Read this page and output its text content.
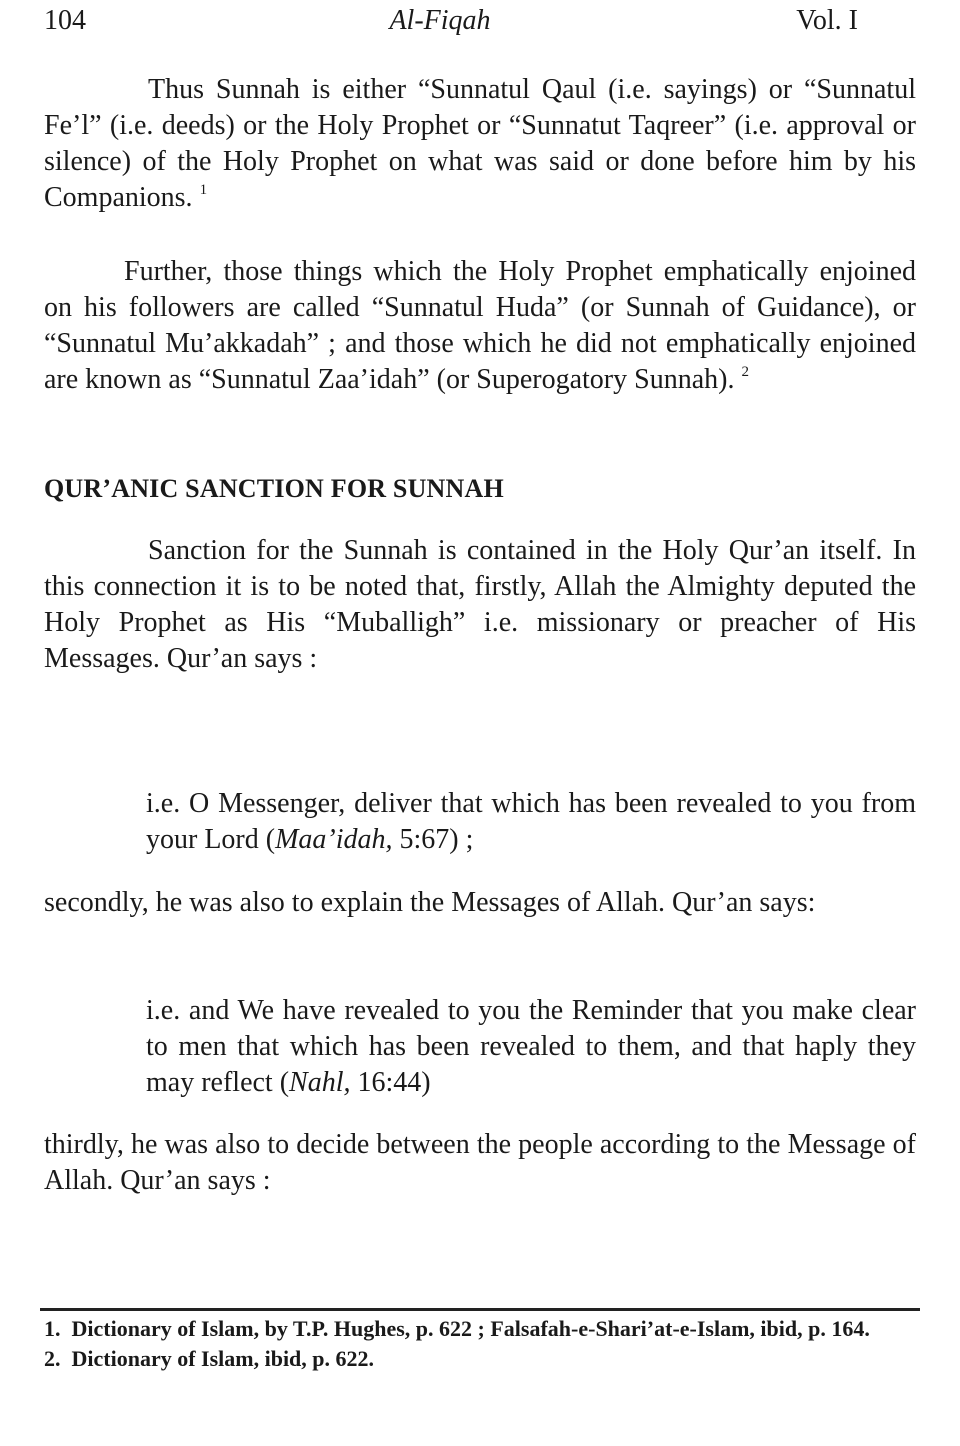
104	Al-Fiqah	Vol. I

Thus Sunnah is either “Sunnatul Qaul (i.e. sayings) or “Sunnatul Fe’l” (i.e. deeds) or the Holy Prophet or “Sunnatut Taqreer” (i.e. approval or silence) of the Holy Prophet on what was said or done before him by his Companions. $^1$

Further, those things which the Holy Prophet emphatically enjoined on his followers are called “Sunnatul Huda” (or Sunnah of Guidance), or “Sunnatul Mu’akkadah” ; and those which he did not emphatically enjoined are known as “Sunnatul Zaa’idah” (or Superogatory Sunnah). $^2$

QUR’ANIC SANCTION FOR SUNNAH

Sanction for the Sunnah is contained in the Holy Qur’an itself. In this connection it is to be noted that, firstly, Allah the Almighty deputed the Holy Prophet as His “Muballigh” i.e. missionary or preacher of His Messages. Qur’an says :

i.e. O Messenger, deliver that which has been revealed to you from your Lord (Maa’idah, 5:67) ;

secondly, he was also to explain the Messages of Allah. Qur’an says:

i.e. and We have revealed to you the Reminder that you make clear to men that which has been revealed to them, and that haply they may reflect (Nahl, 16:44)

thirdly, he was also to decide between the people according to the Message of Allah. Qur’an says :

1. Dictionary of Islam, by T.P. Hughes, p. 622 ; Falsafah-e-Shari’at-e-Islam, ibid, p. 164.

2. Dictionary of Islam, ibid, p. 622.
